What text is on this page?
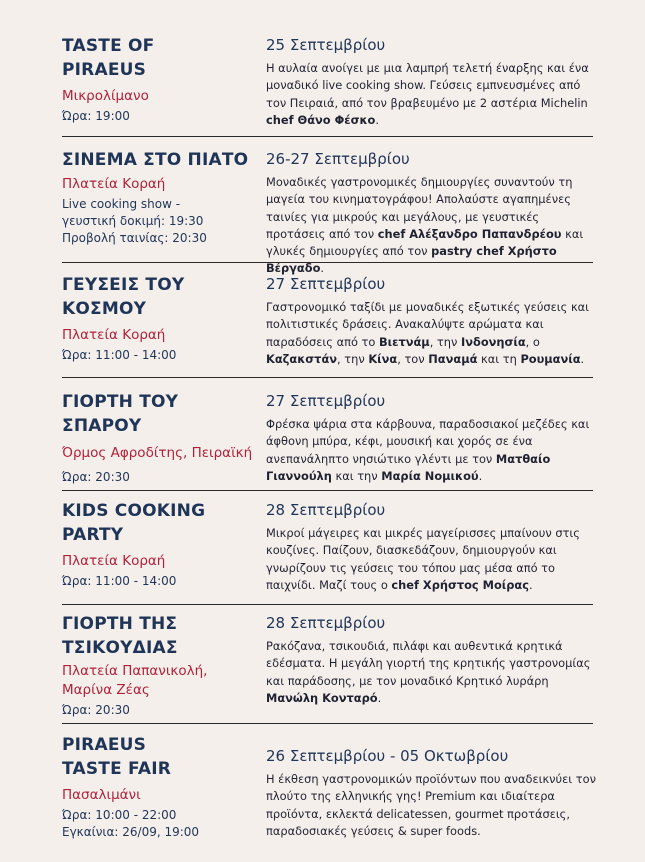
TASTE OF PIRAEUS
Μικρολίμανο
Ώρα: 19:00
25 Σεπτεμβρίου
Η αυλαία ανοίγει με μια λαμπρή τελετή έναρξης και ένα μοναδικό live cooking show. Γεύσεις εμπνευσμένες από τον Πειραιά, από τον βραβευμένο με 2 αστέρια Michelin chef Θάνο Φέσκο.
ΣΙΝΕΜΑ ΣΤΟ ΠΙΑΤΟ
Πλατεία Κοραή
Live cooking show - γευστική δοκιμή: 19:30 Προβολή ταινίας: 20:30
26-27 Σεπτεμβρίου
Μοναδικές γαστρονομικές δημιουργίες συναντούν τη μαγεία του κινηματογράφου! Απολαύστε αγαπημένες ταινίες για μικρούς και μεγάλους, με γευστικές προτάσεις από τον chef Αλέξανδρο Παπανδρέου και γλυκές δημιουργίες από τον pastry chef Χρήστο Βέργαδο.
ΓΕΥΣΕΙΣ ΤΟΥ ΚΟΣΜΟΥ
Πλατεία Κοραή
Ώρα: 11:00 - 14:00
27 Σεπτεμβρίου
Γαστρονομικό ταξίδι με μοναδικές εξωτικές γεύσεις και πολιτιστικές δράσεις. Ανακαλύψτε αρώματα και παραδόσεις από το Βιετνάμ, την Ινδονησία, ο Καζακστάν, την Κίνα, τον Παναμά και τη Ρουμανία.
ΓΙΟΡΤΗ ΤΟΥ ΣΠΑΡΟΥ
Όρμος Αφροδίτης, Πειραϊκή
Ώρα: 20:30
27 Σεπτεμβρίου
Φρέσκα ψάρια στα κάρβουνα, παραδοσιακοί μεζέδες και άφθονη μπύρα, κέφι, μουσική και χορός σε ένα ανεπανάληπτο νησιώτικο γλέντι με τον Ματθαίο Γιαννούλη και την Μαρία Νομικού.
KIDS COOKING PARTY
Πλατεία Κοραή
Ώρα: 11:00 - 14:00
28 Σεπτεμβρίου
Μικροί μάγειρες και μικρές μαγείρισσες μπαίνουν στις κουζίνες. Παίζουν, διασκεδάζουν, δημιουργούν και γνωρίζουν τις γεύσεις του τόπου μας μέσα από το παιχνίδι. Μαζί τους ο chef Χρήστος Μοίρας.
ΓΙΟΡΤΗ ΤΗΣ ΤΣΙΚΟΥΔΙΑΣ
Πλατεία Παπανικολή, Μαρίνα Ζέας
Ώρα: 20:30
28 Σεπτεμβρίου
Ρακόζανα, τσικουδιά, πιλάφι και αυθεντικά κρητικά εδέσματα. Η μεγάλη γιορτή της κρητικής γαστρονομίας και παράδοσης, με τον μοναδικό Κρητικό λυράρη Μανώλη Κονταρό.
PIRAEUS TASTE FAIR
Πασαλιμάνι
Ώρα: 10:00 - 22:00 Εγκαίνια: 26/09, 19:00
26 Σεπτεμβρίου - 05 Οκτωβρίου
Η έκθεση γαστρονομικών προϊόντων που αναδεικνύει τον πλούτο της ελληνικής γης! Premium και ιδιαίτερα προϊόντα, εκλεκτά delicatessen, gourmet προτάσεις, παραδοσιακές γεύσεις & super foods.
